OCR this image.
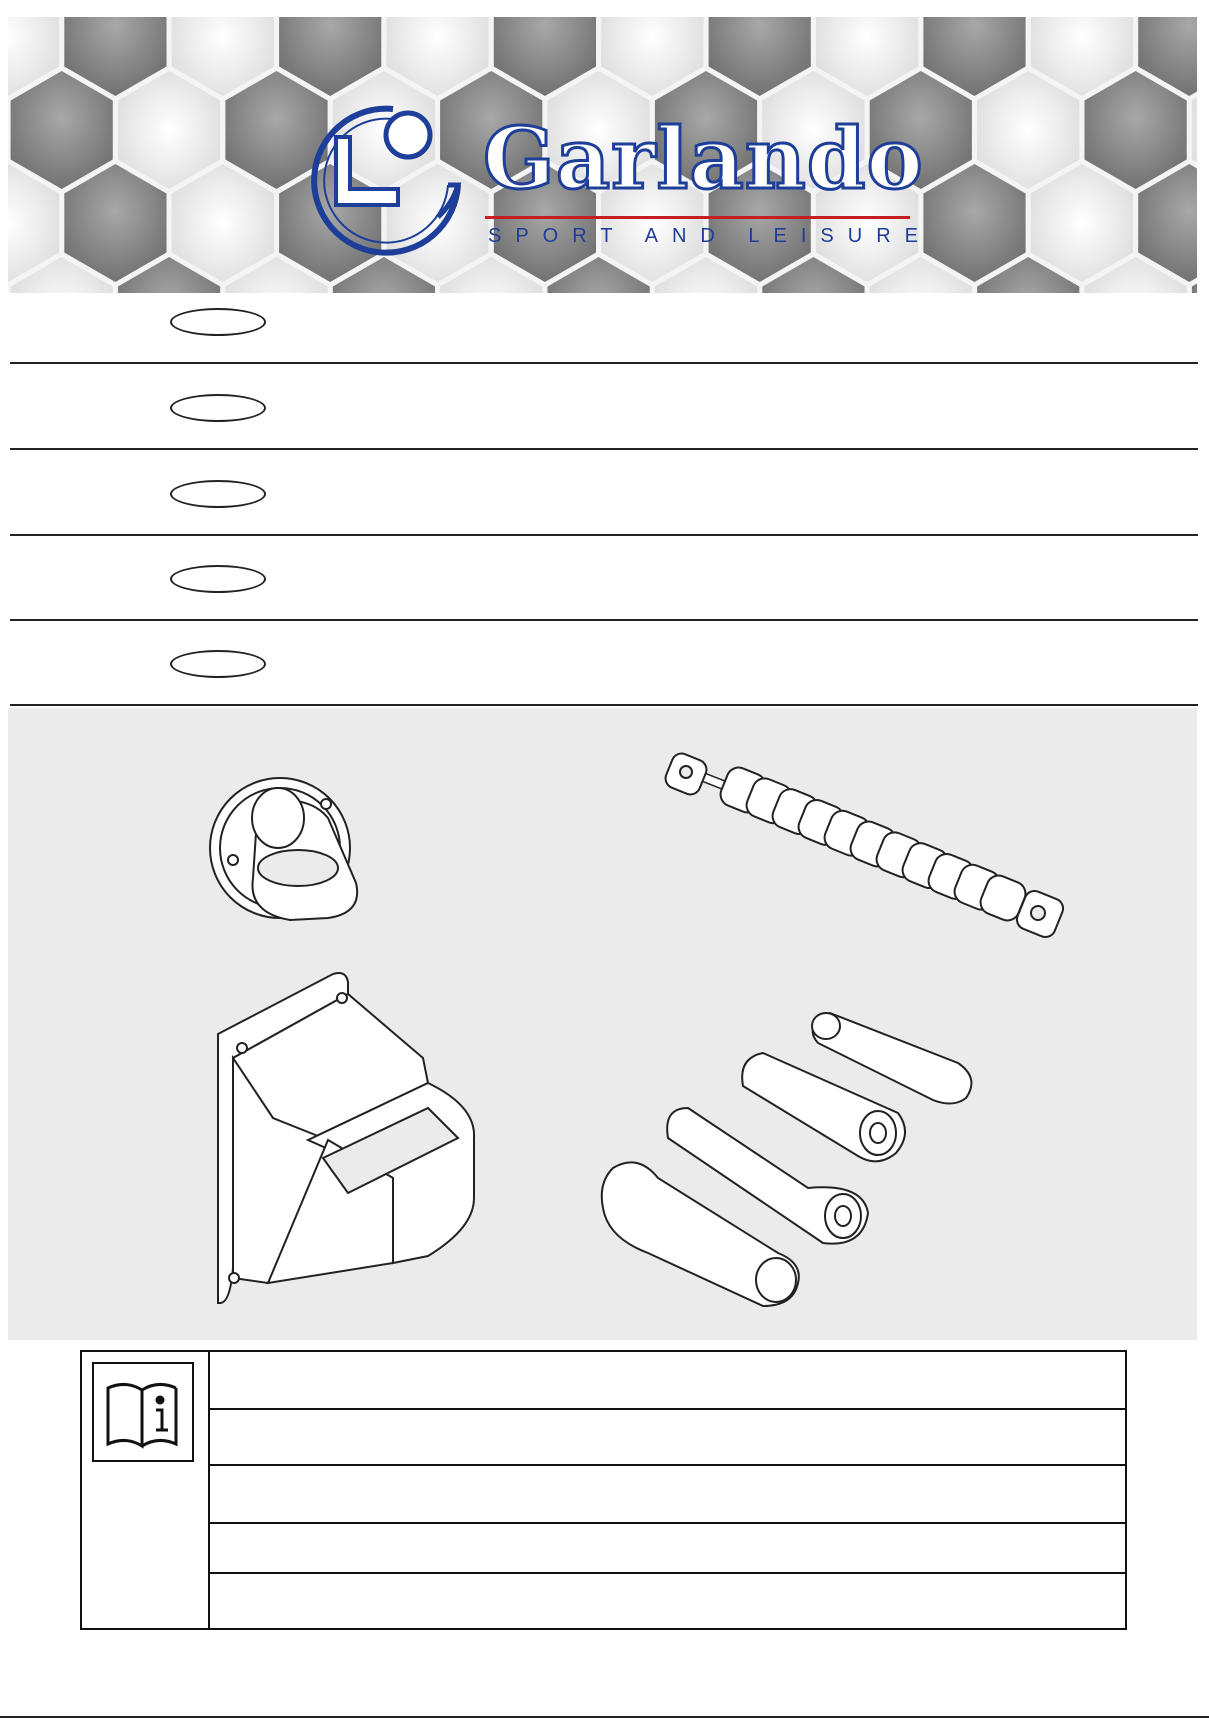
Garlando
SPORT AND LEISURE
